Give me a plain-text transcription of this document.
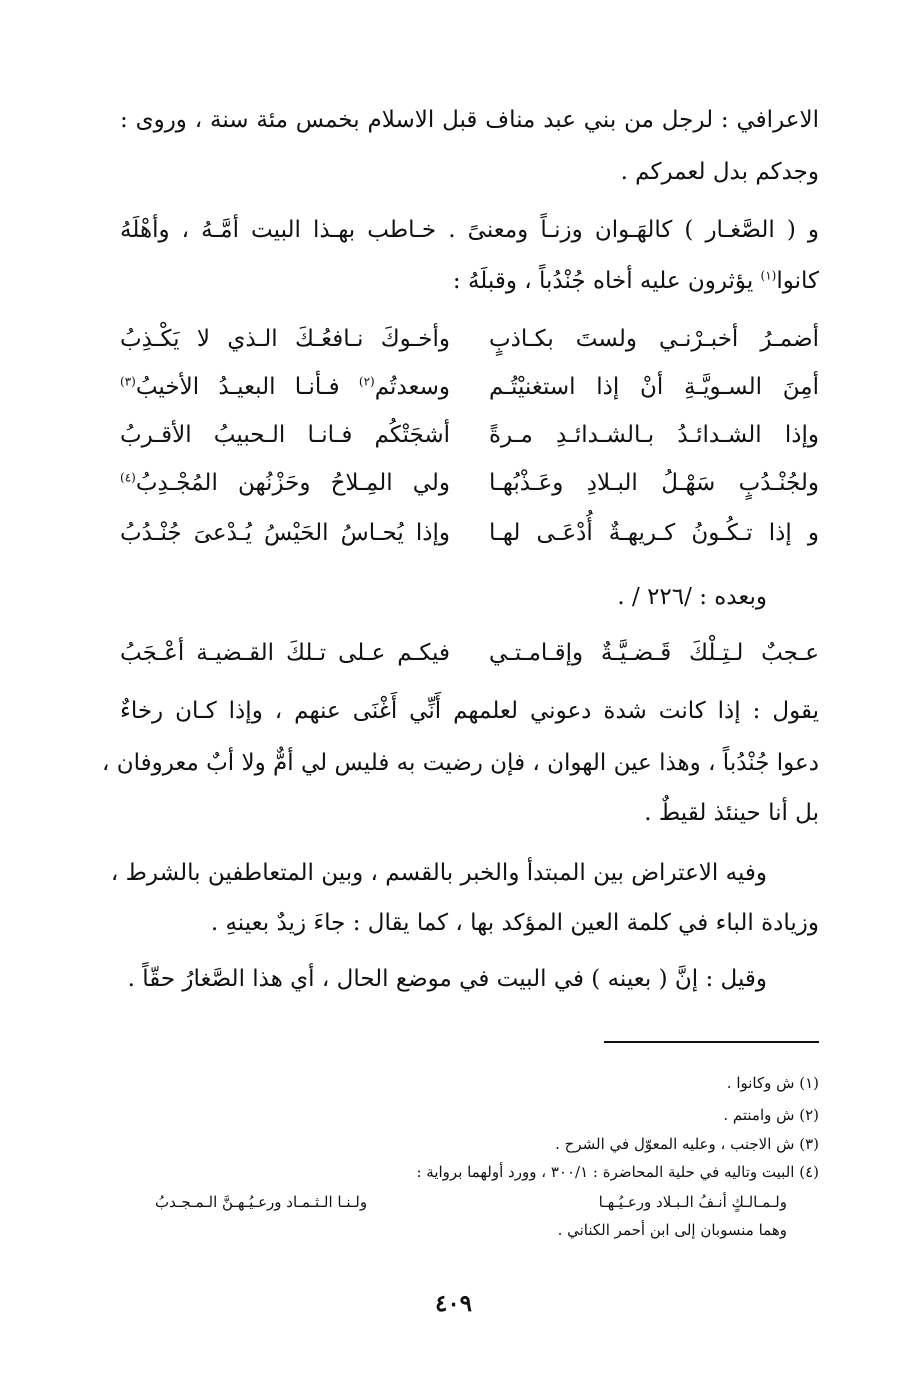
الاعرافي : لرجل من بني عبد مناف قبل الاسلام بخمس مئة سنة ، وروى :
وجدكم بدل لعمركم .
و ( الصَّغـار ) كالهَـوان وزنـاً ومعنىً . خـاطب بهـذا البيت أمَّـهُ ، وأهْلَهُ
كانوا$^{(١)}$ يؤثرون عليه أخاه جُنْدُباً ، وقبلَهُ :
أضمـرُ أخبـرْنـي ولستَ بكـاذبٍ
وأخـوكَ نـافعُـكَ الـذي لا يَكْـذِبُ
أمِنَ السـويَّـةِ أنْ إذا استغنيْتُـم
وسعدتُم$^{(٢)}$ فـأنـا البعيـدُ الأخيبُ$^{(٣)}$
وإذا الشـدائـدُ بـالشـدائـدِ مـرةً
أشجَتْكُم فـانـا الـحبيبُ الأقـربُ
ولجُنْـدُبٍ سَهْـلُ البـلادِ وعَـذْبُهـا
ولي المِـلاحُ وحَزْنُهن المُجْـدِبُ$^{(٤)}$
و إذا تـكُـونُ كـريهـةٌ أُدْعَـى لهـا
وإذا يُحـاسُ الحَيْسُ يُـدْعىَ جُنْـدُبُ
وبعده : /٢٢٦ / .
عـجبٌ لـتِـلْكَ قَـضـيَّـةٌ وإقـامـتـي
فيكـم عـلى تـلكَ القـضيـة أعْـجَبُ
يقول : إذا كانت شدة دعوني لعلمهم أَنِّي أَغْنَى عنهم ، وإذا كـان رخاءٌ
دعوا جُنْدُباً ، وهذا عين الهوان ، فإن رضيت به فليس لي أمٌّ ولا أبٌ معروفان ،
بل أنا حينئذ لقيطٌ .
وفيه الاعتراض بين المبتدأ والخبر بالقسم ، وبين المتعاطفين بالشرط ،
وزيادة الباء في كلمة العين المؤكد بها ، كما يقال : جاءَ زيدٌ بعينهِ .
وقيل : إنَّ ( بعينه ) في البيت في موضع الحال ، أي هذا الصَّغارُ حقّاً .
(١) ش وكانوا .
(٢) ش وامنتم .
(٣) ش الاجنب ، وعليه المعوّل في الشرح .
(٤) البيت وتاليه في حلية المحاضرة : ٣٠٠/١ ، وورد أولهما برواية :
ولـمـالـكٍ أنـفُ الـبـلاد ورعـيُـهـا
ولـنـا الـثـمـاد ورعـيُـهـنَّ الـمـجـدبُ
وهما منسوبان إلى ابن أحمر الكناني .
٤٠٩
